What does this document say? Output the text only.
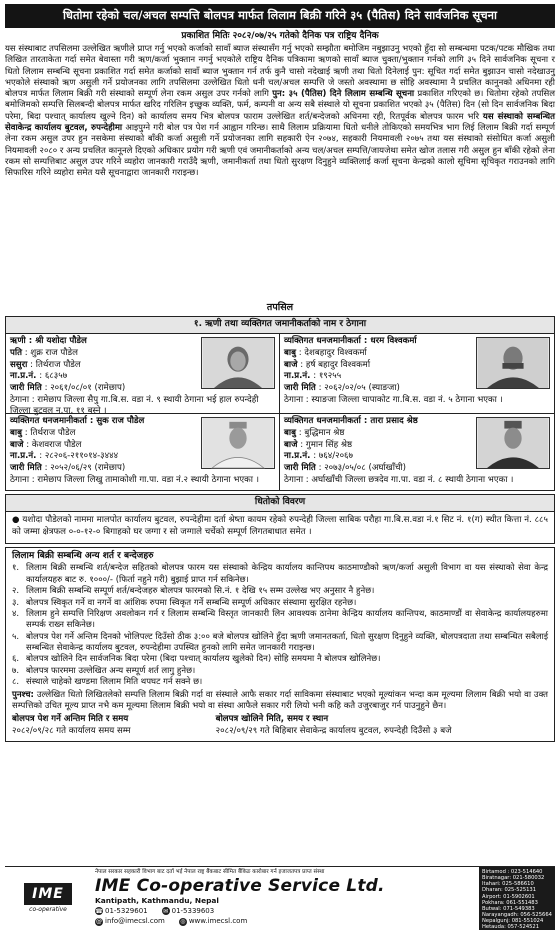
धितोमा रहेको चल/अचल सम्पत्ति बोलपत्र मार्फत लिलाम बिक्री गरिने ३५ (पैतिस) दिने सार्वजनिक सूचना
प्रकाशित मितिः २०८२/०७/२५ गतेको दैनिक पत्र राष्ट्रिय दैनिक
यस संस्थाबाट तपसिलमा उल्लेखित ऋणीले प्राप्त गर्नु भएको कर्जाको सावाँ ब्याज संस्थासँग गर्नु भएको सम्झौता बमोजिम नबुझाउनु भएको हुँदा सो सम्बन्धमा पटक/पटक मौखिक तथा लिखित तारताकेता गर्दा समेत बेवास्ता गरी ऋण/कर्जा भुक्तान नगर्नु भएकोले राष्ट्रिय दैनिक पत्रिकामा ऋणको सावाँ ब्याज चुक्ता/भुक्तान गर्नको लागि ३५ दिने सार्वजनिक सूचना र धितो लिलाम सम्बन्धि सूचना प्रकाशित गर्दा समेत कर्जाको सावाँ ब्याज भुक्तान गर्न तर्फ कुनै चासो नदेखाई ऋणी तथा धितो दिनेलाई पुन: सूचित गर्दा समेत बुझाउन चासो नदेखाउनु भएकोले संस्थाको ऋण असुली गर्ने प्रयोजनका लागि तपसिलमा उल्लेखित धितो धनी चल/अचल सम्पत्ति जे जस्तो अवस्थामा छ सोहि अवस्थामा नै प्रचलित कानुनको अधिनमा रही बोलपत्र मार्फत लिलाम बिक्री गरी संस्थाको सम्पूर्ण लेना रकम असुल उपर गर्नको लागि पुन: ३५ (पैतिस) दिने लिलाम सम्बन्धि सूचना प्रकाशित गरिएको छ। धितोमा रहेको तपसिल बमोजिमको सम्पत्ति सिलबन्दी बोलपत्र मार्फत खरिद गरिलिन इच्छुक व्यक्ति, फर्म, कम्पनी वा अन्य सबै संस्थाले यो सूचना प्रकाशित भएको ३५ (पैतिस) दिन (सो दिन सार्वजनिक बिदा परेमा, बिदा पश्चात् कार्यालय खुल्ने दिन) को कार्यालय समय भित्र बोलपत्र फाराम उल्लेखित शर्त/बन्देजको अधिनमा रही, रितपूर्वक बोलपत्र फारम भरि यस संस्थाको सम्बन्धित सेवाकेन्द्र कार्यालय बुटवल, रुपन्देहीमा आइपुग्ने गरी बोल पत्र पेश गर्न आह्वान गरिन्छ। साथै लिलाम प्रक्रियामा धितो धनीले तोकिएको समयभित्र भाग लिई लिलाम बिक्री गर्दा सम्पूर्ण लेना रकम असुल उपर हुन नसकेमा संस्थाको बाँकी कर्जा असुली गर्ने प्रयोजनका लागि सहकारी ऐन २०७४, सहकारी नियमावली २०७५ तथा यस संस्थाको संसोधित कर्जा असुली नियमावली २०८० र अन्य प्रचलित कानूनले दिएको अधिकार प्रयोग गरी ऋणी एवं जमानीकर्ताको अन्य चल/अचल सम्पत्ति/जायजेथा समेत खोज तलास गरी असुल हुन बाँकी रहेको लेना रकम सो सम्पत्तिबाट असुल उपर गरिने व्यहोरा जानकारी गराउँदै ऋणी, जमानीकर्ता तथा धितो सुरक्षण दिनुहुने व्यक्तिलाई कर्जा सूचना केन्द्रको कालो सूचिमा सूचिकृत गराउनको लागि सिफारिस गरिने व्यहोरा समेत यसै सूचनाद्वारा जानकारी गराइन्छ।
तपसिल
१. ऋणी तथा व्यक्तिगत जमानीकर्ताको नाम र ठेगाना
ऋणी : श्री यशोदा पौडेल
पति : शुक्र राज पौडेल
ससुरा : तिर्थराज पौडेल
ना.प्र.नं. : ६८३५७
जारी मिति : २०६१/०८/०१ (रामेछाप)
ठेगाना : रामेछाप जिल्ला सैपु गा.बि.स. वडा नं. ९ स्थायी ठेगाना भई हाल रुपन्देही जिल्ला बुटवल न.पा. ११ बस्ने ।
व्यक्तिगत धनजमानीकर्ता : धरम विश्वकर्मा
बाबु : देशबहादुर विश्वकर्मा
बाजे : हर्ष बहादुर विश्वकर्मा
ना.प्र.नं. : १९२५५
जारी मिति : २०६२/०२/०५ (स्याङजा)
ठेगाना : स्याङजा जिल्ला चापाकोट गा.बि.स. वडा नं. ५ ठेगाना भएका ।
व्यक्तिगत धनजमानीकर्ता : सुक राज पौडेल
बाबु : तिर्थराज पौडेल
बाजे : केशवराज पौडेल
ना.प्र.नं. : २८२०६-२११०१४-३४४४
जारी मिति : २०५२/०६/२९ (रामेछाप)
ठेगाना : रामेछाप जिल्ला लिखु तामाकोशी गा.पा. वडा नं.२ स्थायी ठेगाना भएका ।
व्यक्तिगत धनजमानीकर्ता : तारा प्रसाद श्रेष्ठ
बाबु : बुद्धिमान श्रेष्ठ
बाजे : गुमान सिंह श्रेष्ठ
ना.प्र.नं. : ७६४/२०६७
जारी मिति : २०७३/०५/०८ (अर्घाखाँची)
ठेगाना : अर्घाखाँची जिल्ला छत्रदेव गा.पा. वडा नं. ८ स्थायी ठेगाना भएका ।
धितोको विवरण
● यशोदा पौडेलको नाममा मालपोत कार्यालय बुटवल, रुपन्देहीमा दर्ता श्रेष्ता कायम रहेको रुपन्देही जिल्ला साबिक परौहा गा.बि.स.वडा नं.१ सिट नं. १(ग) स्थीत कित्ता नं. ८८५ को जम्मा क्षेत्रफल ०-०-१२-० बिगाहको घर जग्गा र सो जग्गाले चर्चेको सम्पूर्ण लिगतबाधात समेत ।
लिलाम बिक्री सम्बन्धि अन्य शर्त र बन्देजहरु
१. लिलाम बिक्री सम्बन्धि शर्त/बन्देज सहितको बोलपत्र फारम यस संस्थाको केन्द्रिय कार्यालय कान्तिपथ काठमाण्डौको ऋण/कर्जा असुली विभाग वा यस संस्थाको सेवा केन्द्र कार्यालयहरु बाट रु. १०००/- (फिर्ता नहुने गरी) बुझाई प्राप्त गर्न सकिनेछ।
२. लिलाम बिक्री सम्बन्धि सम्पूर्ण शर्त/बन्देजहरु बोलपत्र फारमको सि.नं. १ देखि १५ सम्म उल्लेख भए अनुसार नै हुनेछ।
३. बोलपत्र स्विकृत गर्ने वा नगर्ने वा आंशिक रुपमा स्विकृत गर्ने सम्बन्धि सम्पूर्ण अधिकार संस्थामा सुरक्षित रहनेछ।
४. लिलाम हुने सम्पत्ति निरिक्षण अवलोकन गर्न र लिलाम सम्बन्धि विस्तृत जानकारी लिन आवश्यक ठानेमा केन्द्रिय कार्यालय कान्तिपथ, काठमाण्डौं वा सेवाकेन्द्र कार्यालयहरुमा सम्पर्क राख्न सकिनेछ।
५. बोलपत्र पेश गर्ने अन्तिम दिनको भोलिपल्ट दिउँसो ठीक ३:०० बजे बोलपत्र खोलिने हुँदा ऋणी जमानतकर्ता, धितो सुरक्षण दिनुहुने व्यक्ति, बोलपत्रदाता तथा सम्बन्धित सबैलाई सम्बन्धित सेवाकेन्द्र कार्यालय बुटवल, रुपन्देहीमा उपस्थित हुनको लागि समेत जानकारी गराइन्छ।
६. बोलपत्र खोलिने दिन सार्वजनिक बिदा परेमा (बिदा पश्चात् कार्यालय खुलेको दिन) सोहि समयमा नै बोलपत्र खोलिनेछ।
७. बोलपत्र फारममा उल्लेखित अन्य सम्पूर्ण शर्त लागु हुनेछ।
८. संस्थाले चाहेको खण्डमा लिलाम मिति थपघट गर्न सक्ने छ।
पुनश्च: उल्लेखित धितो लिखितलेको सम्पत्ति लिलाम बिक्री गर्दा वा संस्थाले आफै सकार गर्दा साविकमा संस्थाबाट भएको मूल्यांकन भन्दा कम मूल्यमा लिलाम बिक्री भयो वा उक्त सम्पत्तिको उचित मूल्य प्राप्त नभै कम मूल्यमा लिलाम बिक्री भयो वा संस्था आफैले सकार गरी लियो भनी कहि कतै उजुरबाजुर गर्न पाउनुहुने छैन।
बोलपत्र पेश गर्ने अन्तिम मिति र समय	बोलपत्र खोलिने मिति, समय र स्थान
२०८२/०९/२८ गते कार्यालय समय सम्म	२०८२/०९/२९ गते बिहिबार सेवाकेन्द्र कार्यालय बुटवल, रुपन्देही दिउँसो ३ बजे
IME
co-operative
नेपाल सरकार सहकारी विभाग बाट दर्ता भई नेपाल राष्ट्र बैंकबाट सीमित बैंकिङ कारोबार गर्न इजाजतपत्र प्राप्त संस्था
IME Co-operative Service Ltd.
Kantipath, Kathmandu, Nepal
☎ 01-5329601	✉ 01-5339603
@ info@imecsl.com	◎ www.imecsl.com
Birtamod : 023-514640
Biratnagar: 021-580032
Itahari: 025-586610
Dharan: 025-525131
Airport: 01-5902601
Pokhara: 061-551483
Butwal: 071-549383
Narayangadh: 056-525664
Nepalgunj: 081-551024
Hetauda: 057-524521
Dhangadhi: 091-527301
Sindhuli: 047-520121
Baglung: 068-524600
